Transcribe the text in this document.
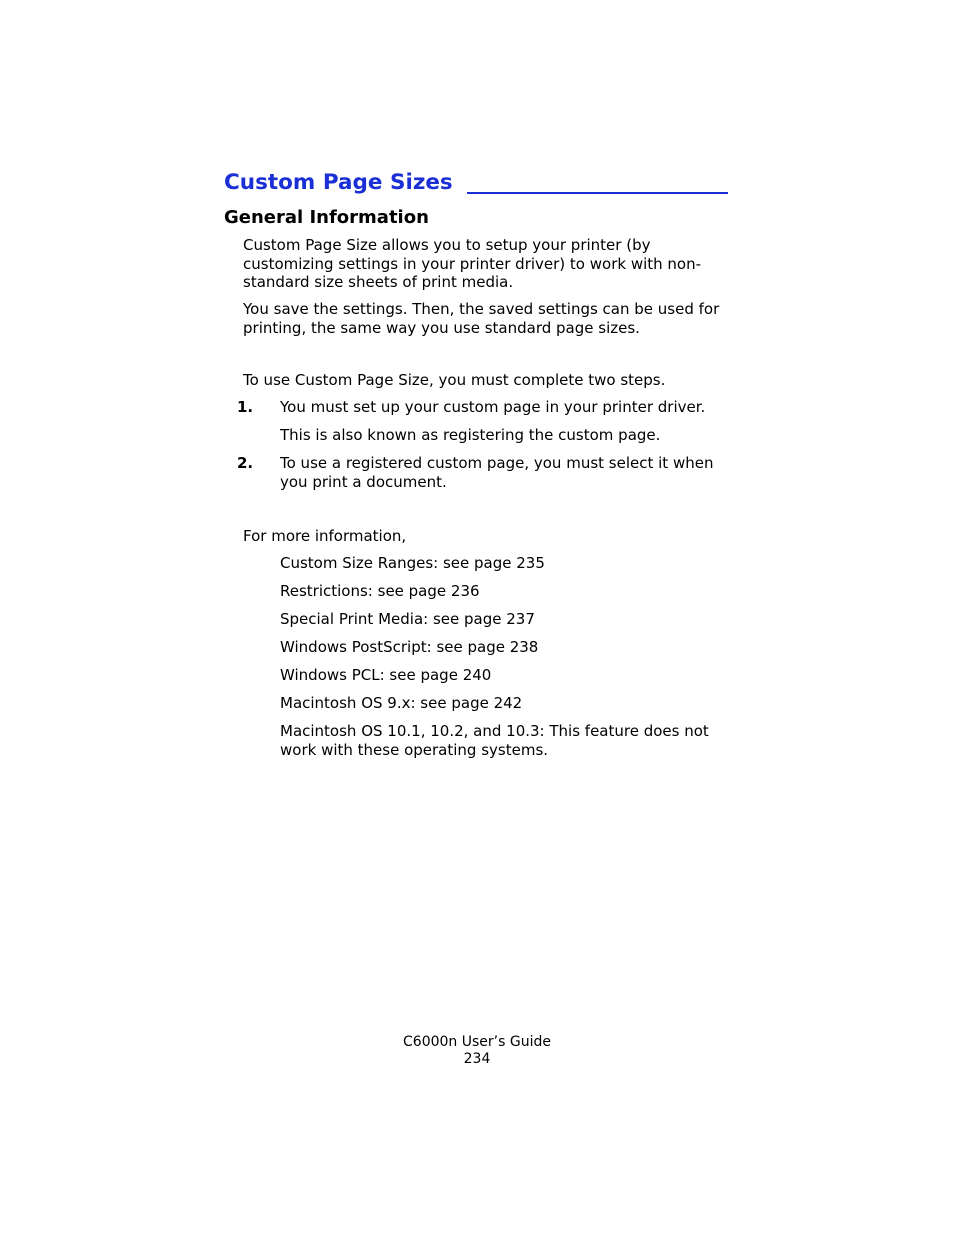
Custom Page Sizes
General Information

Custom Page Size allows you to setup your printer (by customizing settings in your printer driver) to work with non-standard size sheets of print media.

You save the settings. Then, the saved settings can be used for printing, the same way you use standard page sizes.

To use Custom Page Size, you must complete two steps.

1. You must set up your custom page in your printer driver.

This is also known as registering the custom page.

2. To use a registered custom page, you must select it when you print a document.

For more information,

Custom Size Ranges: see page 235

Restrictions: see page 236

Special Print Media: see page 237

Windows PostScript: see page 238

Windows PCL: see page 240

Macintosh OS 9.x: see page 242

Macintosh OS 10.1, 10.2, and 10.3: This feature does not work with these operating systems.

C6000n User’s Guide
234
